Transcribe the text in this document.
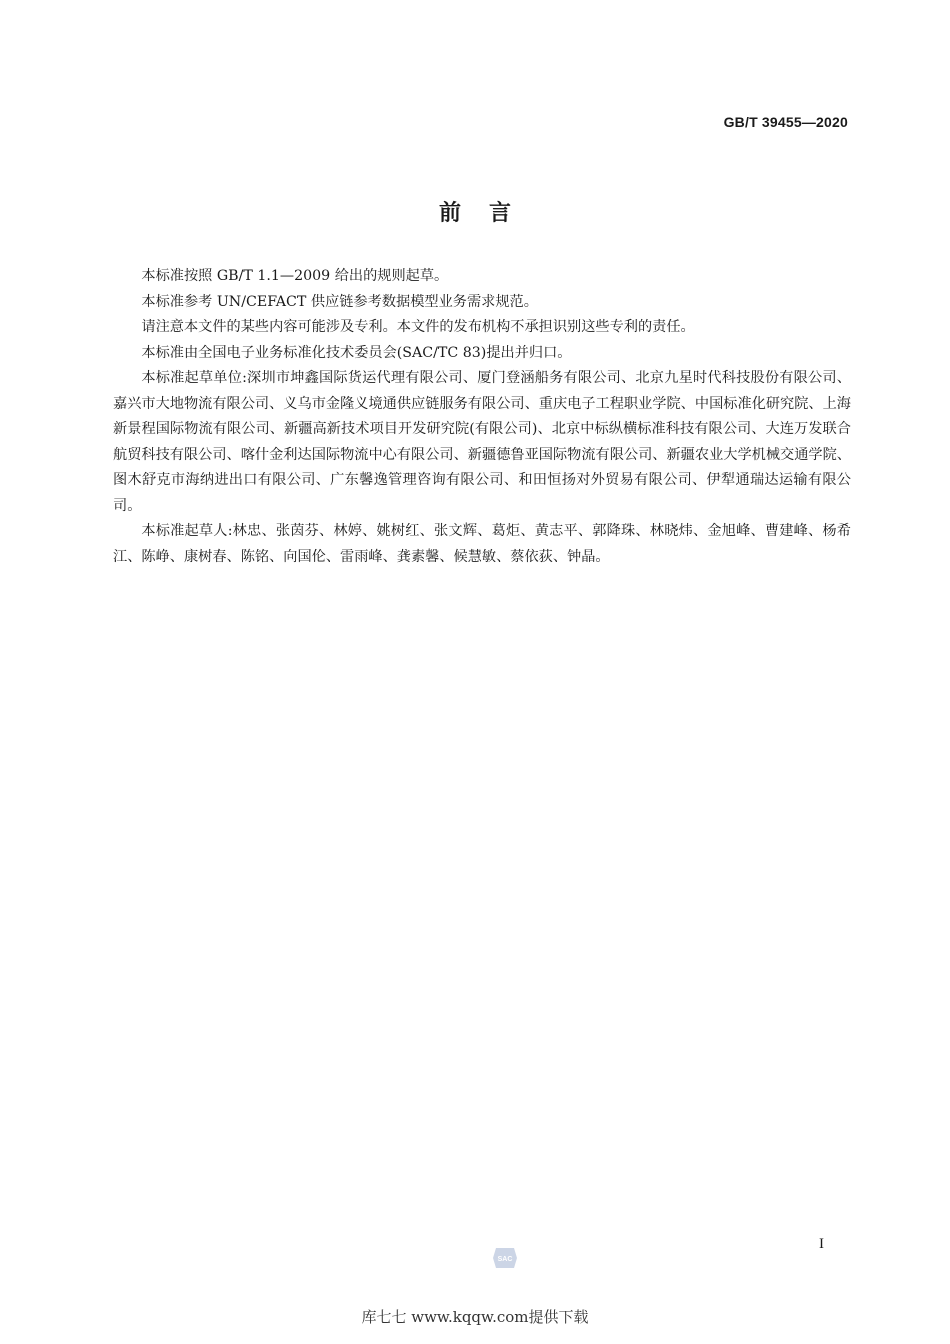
GB/T 39455—2020
前言

本标准按照 GB/T 1.1—2009 给出的规则起草。

本标准参考 UN/CEFACT 供应链参考数据模型业务需求规范。

请注意本文件的某些内容可能涉及专利。本文件的发布机构不承担识别这些专利的责任。

本标准由全国电子业务标准化技术委员会(SAC/TC 83)提出并归口。

本标准起草单位:深圳市坤鑫国际货运代理有限公司、厦门登涵船务有限公司、北京九星时代科技股份有限公司、嘉兴市大地物流有限公司、义乌市金隆义境通供应链服务有限公司、重庆电子工程职业学院、中国标准化研究院、上海新景程国际物流有限公司、新疆高新技术项目开发研究院(有限公司)、北京中标纵横标准科技有限公司、大连万发联合航贸科技有限公司、喀什金利达国际物流中心有限公司、新疆德鲁亚国际物流有限公司、新疆农业大学机械交通学院、图木舒克市海纳进出口有限公司、广东馨逸管理咨询有限公司、和田恒扬对外贸易有限公司、伊犁通瑞达运输有限公司。

本标准起草人:林忠、张茵芬、林婷、姚树红、张文辉、葛炬、黄志平、郭降珠、林晓炜、金旭峰、曹建峰、杨希江、陈峥、康树春、陈铭、向国伦、雷雨峰、龚素馨、候慧敏、蔡依荻、钟晶。

I
SAC
库七七 www.kqqw.com提供下载
